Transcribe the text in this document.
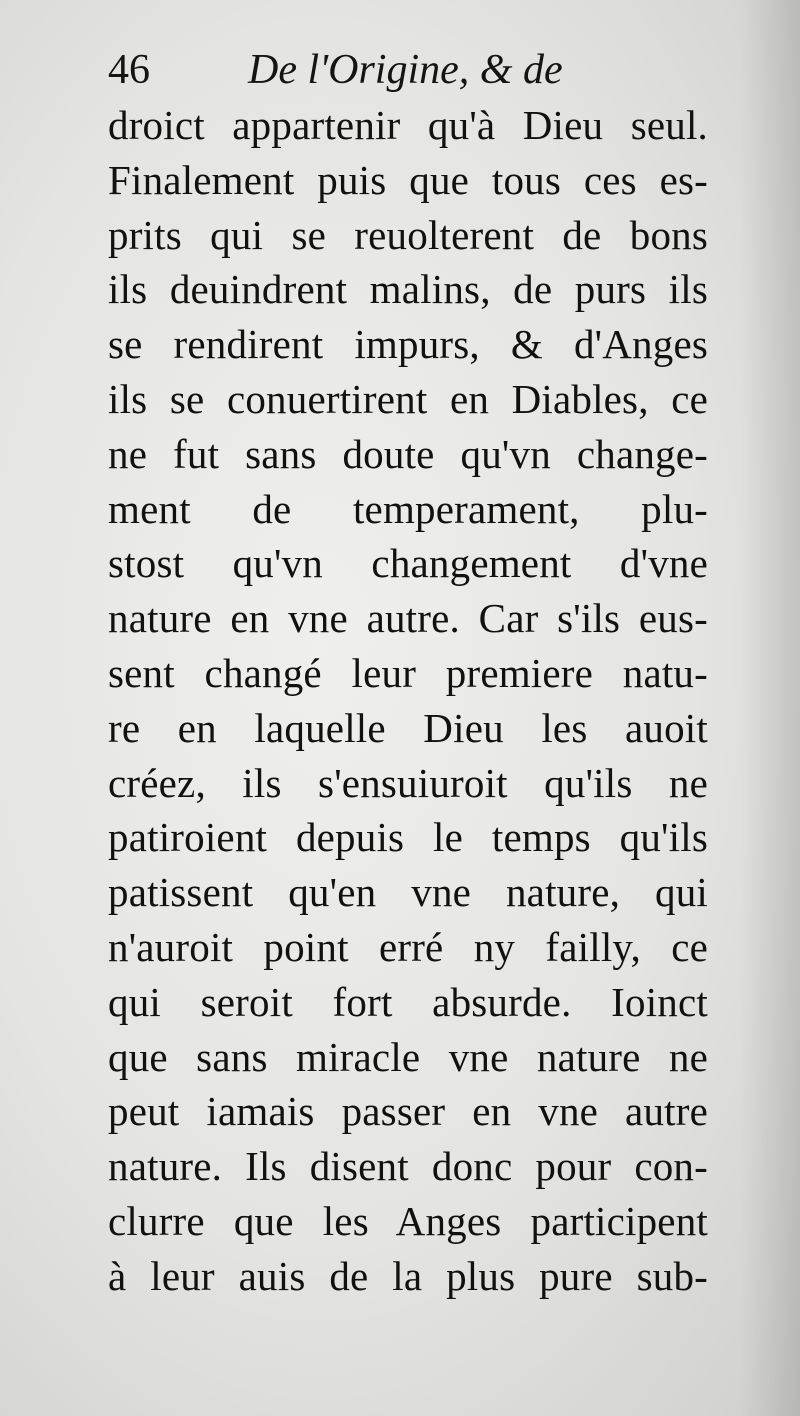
46 De l'Origine, & de
droict appartenir qu'à Dieu seul.
Finalement puis que tous ces es-
prits qui se reuolterent de bons
ils deuindrent malins, de purs ils
se rendirent impurs, & d'Anges
ils se conuertirent en Diables, ce
ne fut sans doute qu'vn change-
ment de temperament, plu-
stost qu'vn changement d'vne
nature en vne autre. Car s'ils eus-
sent changé leur premiere natu-
re en laquelle Dieu les auoit
créez, ils s'ensuiuroit qu'ils ne
patiroient depuis le temps qu'ils
patissent qu'en vne nature, qui
n'auroit point erré ny failly, ce
qui seroit fort absurde. Ioinct
que sans miracle vne nature ne
peut iamais passer en vne autre
nature. Ils disent donc pour con-
clurre que les Anges participent
à leur auis de la plus pure sub-
